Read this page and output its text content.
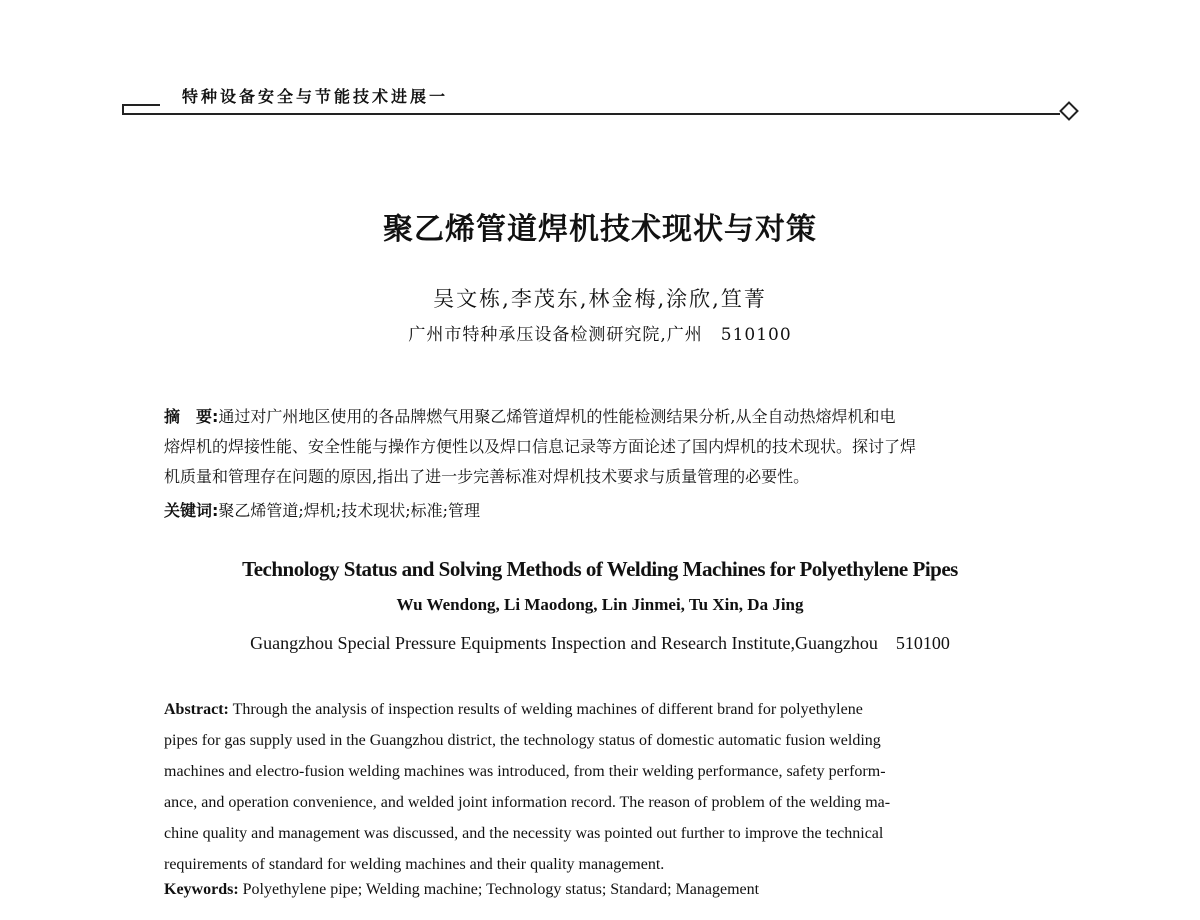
特种设备安全与节能技术进展一
聚乙烯管道焊机技术现状与对策
吴文栋,李茂东,林金梅,涂欣,笪菁
广州市特种承压设备检测研究院,广州　510100
摘　要:通过对广州地区使用的各品牌燃气用聚乙烯管道焊机的性能检测结果分析,从全自动热熔焊机和电
熔焊机的焊接性能、安全性能与操作方便性以及焊口信息记录等方面论述了国内焊机的技术现状。探讨了焊
机质量和管理存在问题的原因,指出了进一步完善标准对焊机技术要求与质量管理的必要性。
关键词:聚乙烯管道;焊机;技术现状;标准;管理
Technology Status and Solving Methods of Welding Machines for Polyethylene Pipes
Wu Wendong, Li Maodong, Lin Jinmei, Tu Xin, Da Jing
Guangzhou Special Pressure Equipments Inspection and Research Institute,Guangzhou　510100
Abstract: Through the analysis of inspection results of welding machines of different brand for polyethylene
pipes for gas supply used in the Guangzhou district, the technology status of domestic automatic fusion welding
machines and electro-fusion welding machines was introduced, from their welding performance, safety perform-
ance, and operation convenience, and welded joint information record. The reason of problem of the welding ma-
chine quality and management was discussed, and the necessity was pointed out further to improve the technical
requirements of standard for welding machines and their quality management.
Keywords: Polyethylene pipe; Welding machine; Technology status; Standard; Management
